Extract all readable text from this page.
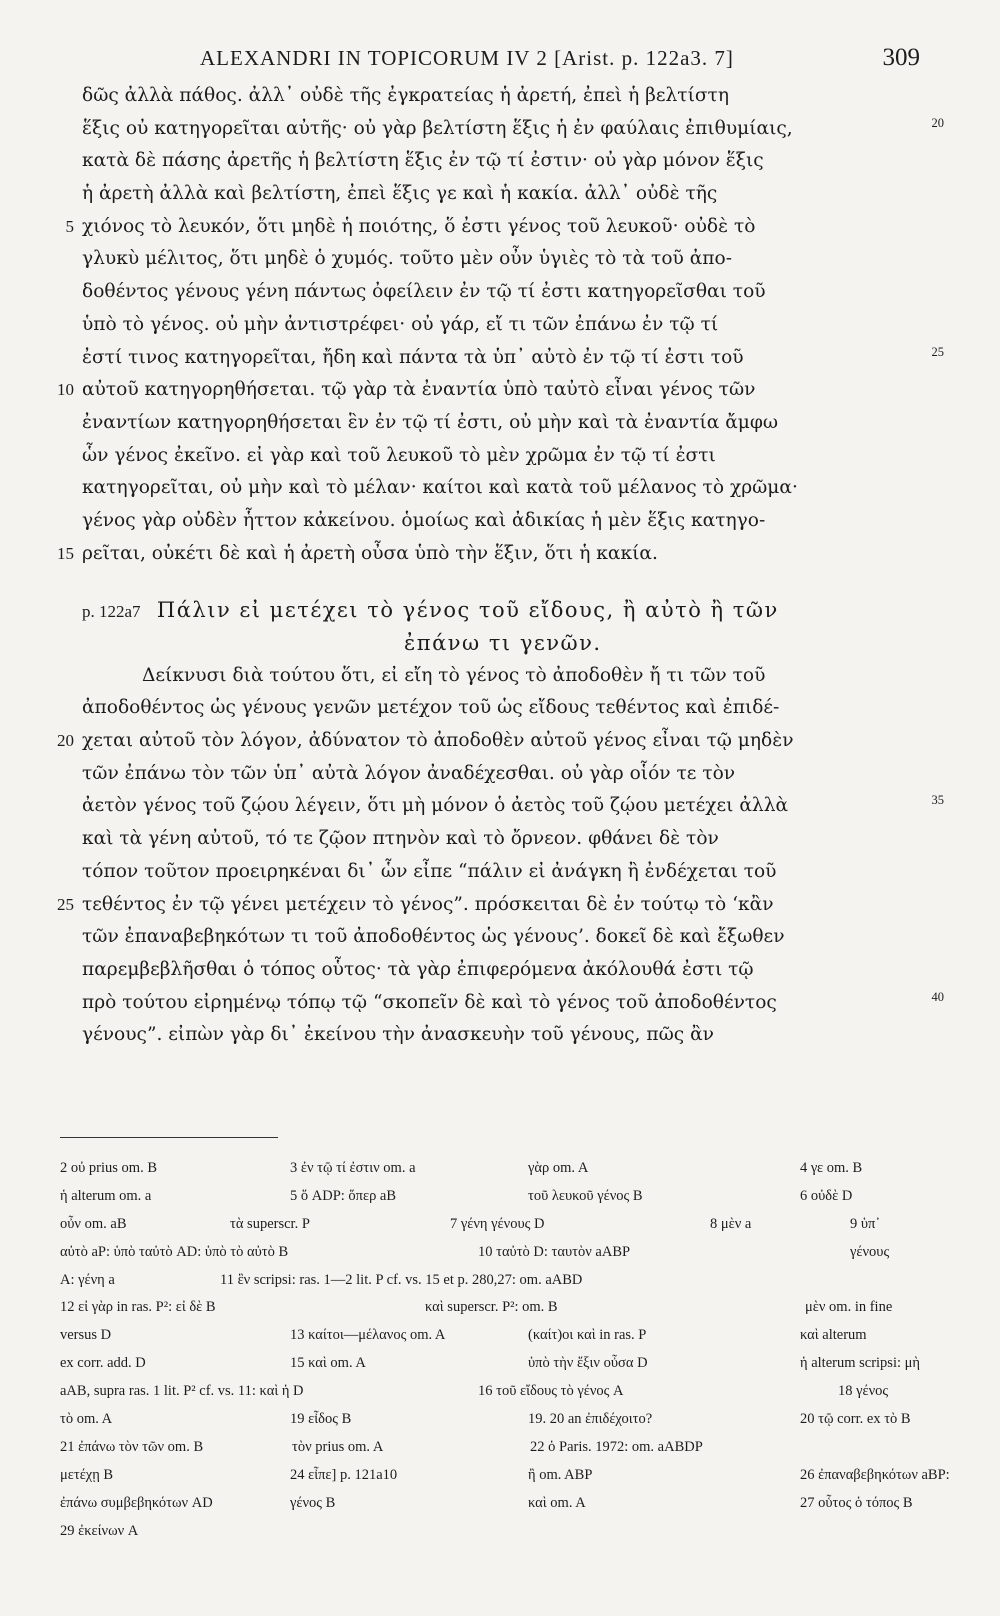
ALEXANDRI IN TOPICORUM IV 2 [Arist. p. 122a3. 7]	309
δῶς ἀλλὰ πάθος. ἀλλ᾽ οὐδὲ τῆς ἐγκρατείας ἡ ἀρετή, ἐπεὶ ἡ βελτίστη
ἕξις οὐ κατηγορεῖται αὐτῆς· οὐ γὰρ βελτίστη ἕξις ἡ ἐν φαύλαις ἐπιθυμίαις,	20
κατὰ δὲ πάσης ἀρετῆς ἡ βελτίστη ἕξις ἐν τῷ τί ἐστιν· οὐ γὰρ μόνον ἕξις
ἡ ἀρετὴ ἀλλὰ καὶ βελτίστη, ἐπεὶ ἕξις γε καὶ ἡ κακία. ἀλλ᾽ οὐδὲ τῆς
χιόνος τὸ λευκόν, ὅτι μηδὲ ἡ ποιότης, ὅ ἐστι γένος τοῦ λευκοῦ· οὐδὲ τὸ
5
γλυκὺ μέλιτος, ὅτι μηδὲ ὁ χυμός. τοῦτο μὲν οὖν ὑγιὲς τὸ τὰ τοῦ ἀπο-
δοθέντος γένους γένη πάντως ὀφείλειν ἐν τῷ τί ἐστι κατηγορεῖσθαι τοῦ
ὑπὸ τὸ γένος. οὐ μὴν ἀντιστρέφει· οὐ γάρ, εἴ τι τῶν ἐπάνω ἐν τῷ τί
ἐστί τινος κατηγορεῖται, ἤδη καὶ πάντα τὰ ὑπ᾽ αὐτὸ ἐν τῷ τί ἐστι τοῦ	25
αὐτοῦ κατηγορηθήσεται. τῷ γὰρ τὰ ἐναντία ὑπὸ ταὐτὸ εἶναι γένος τῶν
10
ἐναντίων κατηγορηθήσεται ἓν ἐν τῷ τί ἐστι, οὐ μὴν καὶ τὰ ἐναντία ἄμφω
ὧν γένος ἐκεῖνο. εἰ γὰρ καὶ τοῦ λευκοῦ τὸ μὲν χρῶμα ἐν τῷ τί ἐστι
κατηγορεῖται, οὐ μὴν καὶ τὸ μέλαν· καίτοι καὶ κατὰ τοῦ μέλανος τὸ χρῶμα·
γένος γὰρ οὐδὲν ἧττον κἀκείνου. ὁμοίως καὶ ἀδικίας ἡ μὲν ἕξις κατηγο-
ρεῖται, οὐκέτι δὲ καὶ ἡ ἀρετὴ οὖσα ὑπὸ τὴν ἕξιν, ὅτι ἡ κακία.
15
p. 122a7 Πάλιν εἰ μετέχει τὸ γένος τοῦ εἴδους, ἢ αὐτὸ ἢ τῶν
ἐπάνω τι γενῶν.
Δείκνυσι διὰ τούτου ὅτι, εἰ εἴη τὸ γένος τὸ ἀποδοθὲν ἤ τι τῶν τοῦ
ἀποδοθέντος ὡς γένους γενῶν μετέχον τοῦ ὡς εἴδους τεθέντος καὶ ἐπιδέ-
χεται αὐτοῦ τὸν λόγον, ἀδύνατον τὸ ἀποδοθὲν αὐτοῦ γένος εἶναι τῷ μηδὲν
20
τῶν ἐπάνω τὸν τῶν ὑπ᾽ αὐτὰ λόγον ἀναδέχεσθαι. οὐ γὰρ οἷόν τε τὸν
ἀετὸν γένος τοῦ ζῴου λέγειν, ὅτι μὴ μόνον ὁ ἀετὸς τοῦ ζῴου μετέχει ἀλλὰ	35
καὶ τὰ γένη αὐτοῦ, τό τε ζῷον πτηνὸν καὶ τὸ ὄρνεον. φθάνει δὲ τὸν
τόπον τοῦτον προειρηκέναι δι᾽ ὧν εἶπε “πάλιν εἰ ἀνάγκη ἢ ἐνδέχεται τοῦ
τεθέντος ἐν τῷ γένει μετέχειν τὸ γένος”. πρόσκειται δὲ ἐν τούτῳ τὸ ‘κἂν
25
τῶν ἐπαναβεβηκότων τι τοῦ ἀποδοθέντος ὡς γένους’. δοκεῖ δὲ καὶ ἔξωθεν
παρεμβεβλῆσθαι ὁ τόπος οὗτος· τὰ γὰρ ἐπιφερόμενα ἀκόλουθά ἐστι τῷ
πρὸ τούτου εἰρημένῳ τόπῳ τῷ “σκοπεῖν δὲ καὶ τὸ γένος τοῦ ἀποδοθέντος	40
γένους”. εἰπὼν γὰρ δι᾽ ἐκείνου τὴν ἀνασκευὴν τοῦ γένους, πῶς ἂν
2 οὐ prius om. B	3 ἐν τῷ τί ἐστιν om. a	γὰρ om. A	4 γε om. B
ἡ alterum om. a	5 ὅ ADP: ὅπερ aB	τοῦ λευκοῦ γένος B	6 οὐδὲ D
οὖν om. aB	τὰ superscr. P	7 γένη γένους D	8 μὲν a	9 ὑπ᾽
αὐτὸ aP: ὑπὸ ταὐτὸ AD: ὑπὸ τὸ αὐτὸ B	10 ταὐτὸ D: ταυτὸν aABP	γένους
A: γένη a	11 ἓν scripsi: ras. 1—2 lit. P cf. vs. 15 et p. 280,27: om. aABD
12 εἰ γὰρ in ras. P²: εἰ δὲ B	καὶ superscr. P²: om. B	μὲν om. in fine
versus D	13 καίτοι—μέλανος om. A	(καίτ)οι καὶ in ras. P	καὶ alterum
ex corr. add. D	15 καὶ om. A	ὑπὸ τὴν ἕξιν οὖσα D	ἡ alterum scripsi: μὴ
aAB, supra ras. 1 lit. P² cf. vs. 11: καὶ ἡ D	16 τοῦ εἴδους τὸ γένος A	18 γένος
τὸ om. A	19 εἶδος B	19. 20 an ἐπιδέχοιτο?	20 τῷ corr. ex τὸ B
21 ἐπάνω τὸν τῶν om. B	τὸν prius om. A	22 ὁ Paris. 1972: om. aABDP
μετέχῃ B	24 εἶπε] p. 121a10	ἢ om. ABP	26 ἐπαναβεβηκότων aBP:
ἐπάνω συμβεβηκότων AD	γένος B	καὶ om. A	27 οὗτος ὁ τόπος B
29 ἐκείνων A
